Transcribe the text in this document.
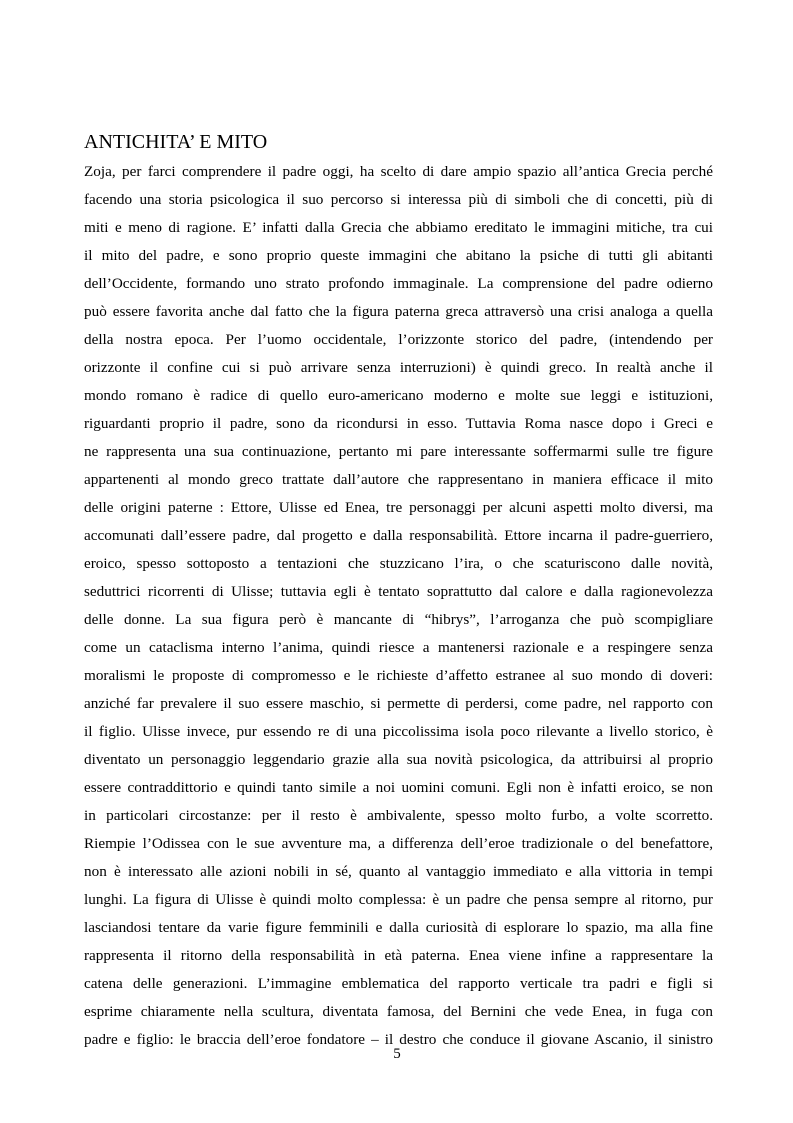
ANTICHITA’ E MITO
Zoja, per farci comprendere il padre oggi, ha scelto di dare ampio spazio all’antica Grecia perché
facendo una storia psicologica il suo percorso si interessa più di simboli che di concetti, più di
miti e meno di ragione. E’ infatti dalla Grecia che abbiamo ereditato le immagini mitiche, tra cui
il mito del padre, e sono proprio queste immagini che abitano la psiche di tutti gli abitanti
dell’Occidente, formando uno strato profondo immaginale. La comprensione del padre odierno
può essere favorita anche dal fatto che la figura paterna greca attraversò una crisi analoga a quella
della nostra epoca. Per l’uomo occidentale, l’orizzonte storico del padre, (intendendo per
orizzonte il confine cui si può arrivare senza interruzioni) è quindi greco. In realtà anche il
mondo romano è radice di quello euro-americano moderno e molte sue leggi e istituzioni,
riguardanti proprio il padre, sono da ricondursi in esso. Tuttavia Roma nasce dopo i Greci e
ne rappresenta una sua continuazione, pertanto mi pare interessante soffermarmi sulle tre figure
appartenenti al mondo greco trattate dall’autore che rappresentano in maniera efficace il mito
delle origini paterne : Ettore, Ulisse ed Enea, tre personaggi per alcuni aspetti molto diversi, ma
accomunati dall’essere padre, dal progetto e dalla responsabilità. Ettore incarna il padre-guerriero,
eroico, spesso sottoposto a tentazioni che stuzzicano l’ira, o che scaturiscono dalle novità,
seduttrici ricorrenti di Ulisse; tuttavia egli è tentato soprattutto dal calore e dalla ragionevolezza
delle donne. La sua figura però è mancante di “hibrys”, l’arroganza che può scompigliare
come un cataclisma interno l’anima, quindi riesce a mantenersi razionale e a respingere senza
moralismi le proposte di compromesso e le richieste d’affetto estranee al suo mondo di doveri:
anziché far prevalere il suo essere maschio, si permette di perdersi, come padre, nel rapporto con
il figlio. Ulisse invece, pur essendo re di una piccolissima isola poco rilevante a livello storico, è
diventato un personaggio leggendario grazie alla sua novità psicologica, da attribuirsi al proprio
essere contraddittorio e quindi tanto simile a noi uomini comuni. Egli non è infatti eroico, se non
in particolari circostanze: per il resto è ambivalente, spesso molto furbo, a volte scorretto.
Riempie l’Odissea con le sue avventure ma, a differenza dell’eroe tradizionale o del benefattore,
non è interessato alle azioni nobili in sé, quanto al vantaggio immediato e alla vittoria in tempi
lunghi. La figura di Ulisse è quindi molto complessa: è un padre che pensa sempre al ritorno, pur
lasciandosi tentare da varie figure femminili e dalla curiosità di esplorare lo spazio, ma alla fine
rappresenta il ritorno della responsabilità in età paterna. Enea viene infine a rappresentare la
catena delle generazioni. L’immagine emblematica del rapporto verticale tra padri e figli si
esprime chiaramente nella scultura, diventata famosa, del Bernini che vede Enea, in fuga con
padre e figlio: le braccia dell’eroe fondatore – il destro che conduce il giovane Ascanio, il sinistro
5
